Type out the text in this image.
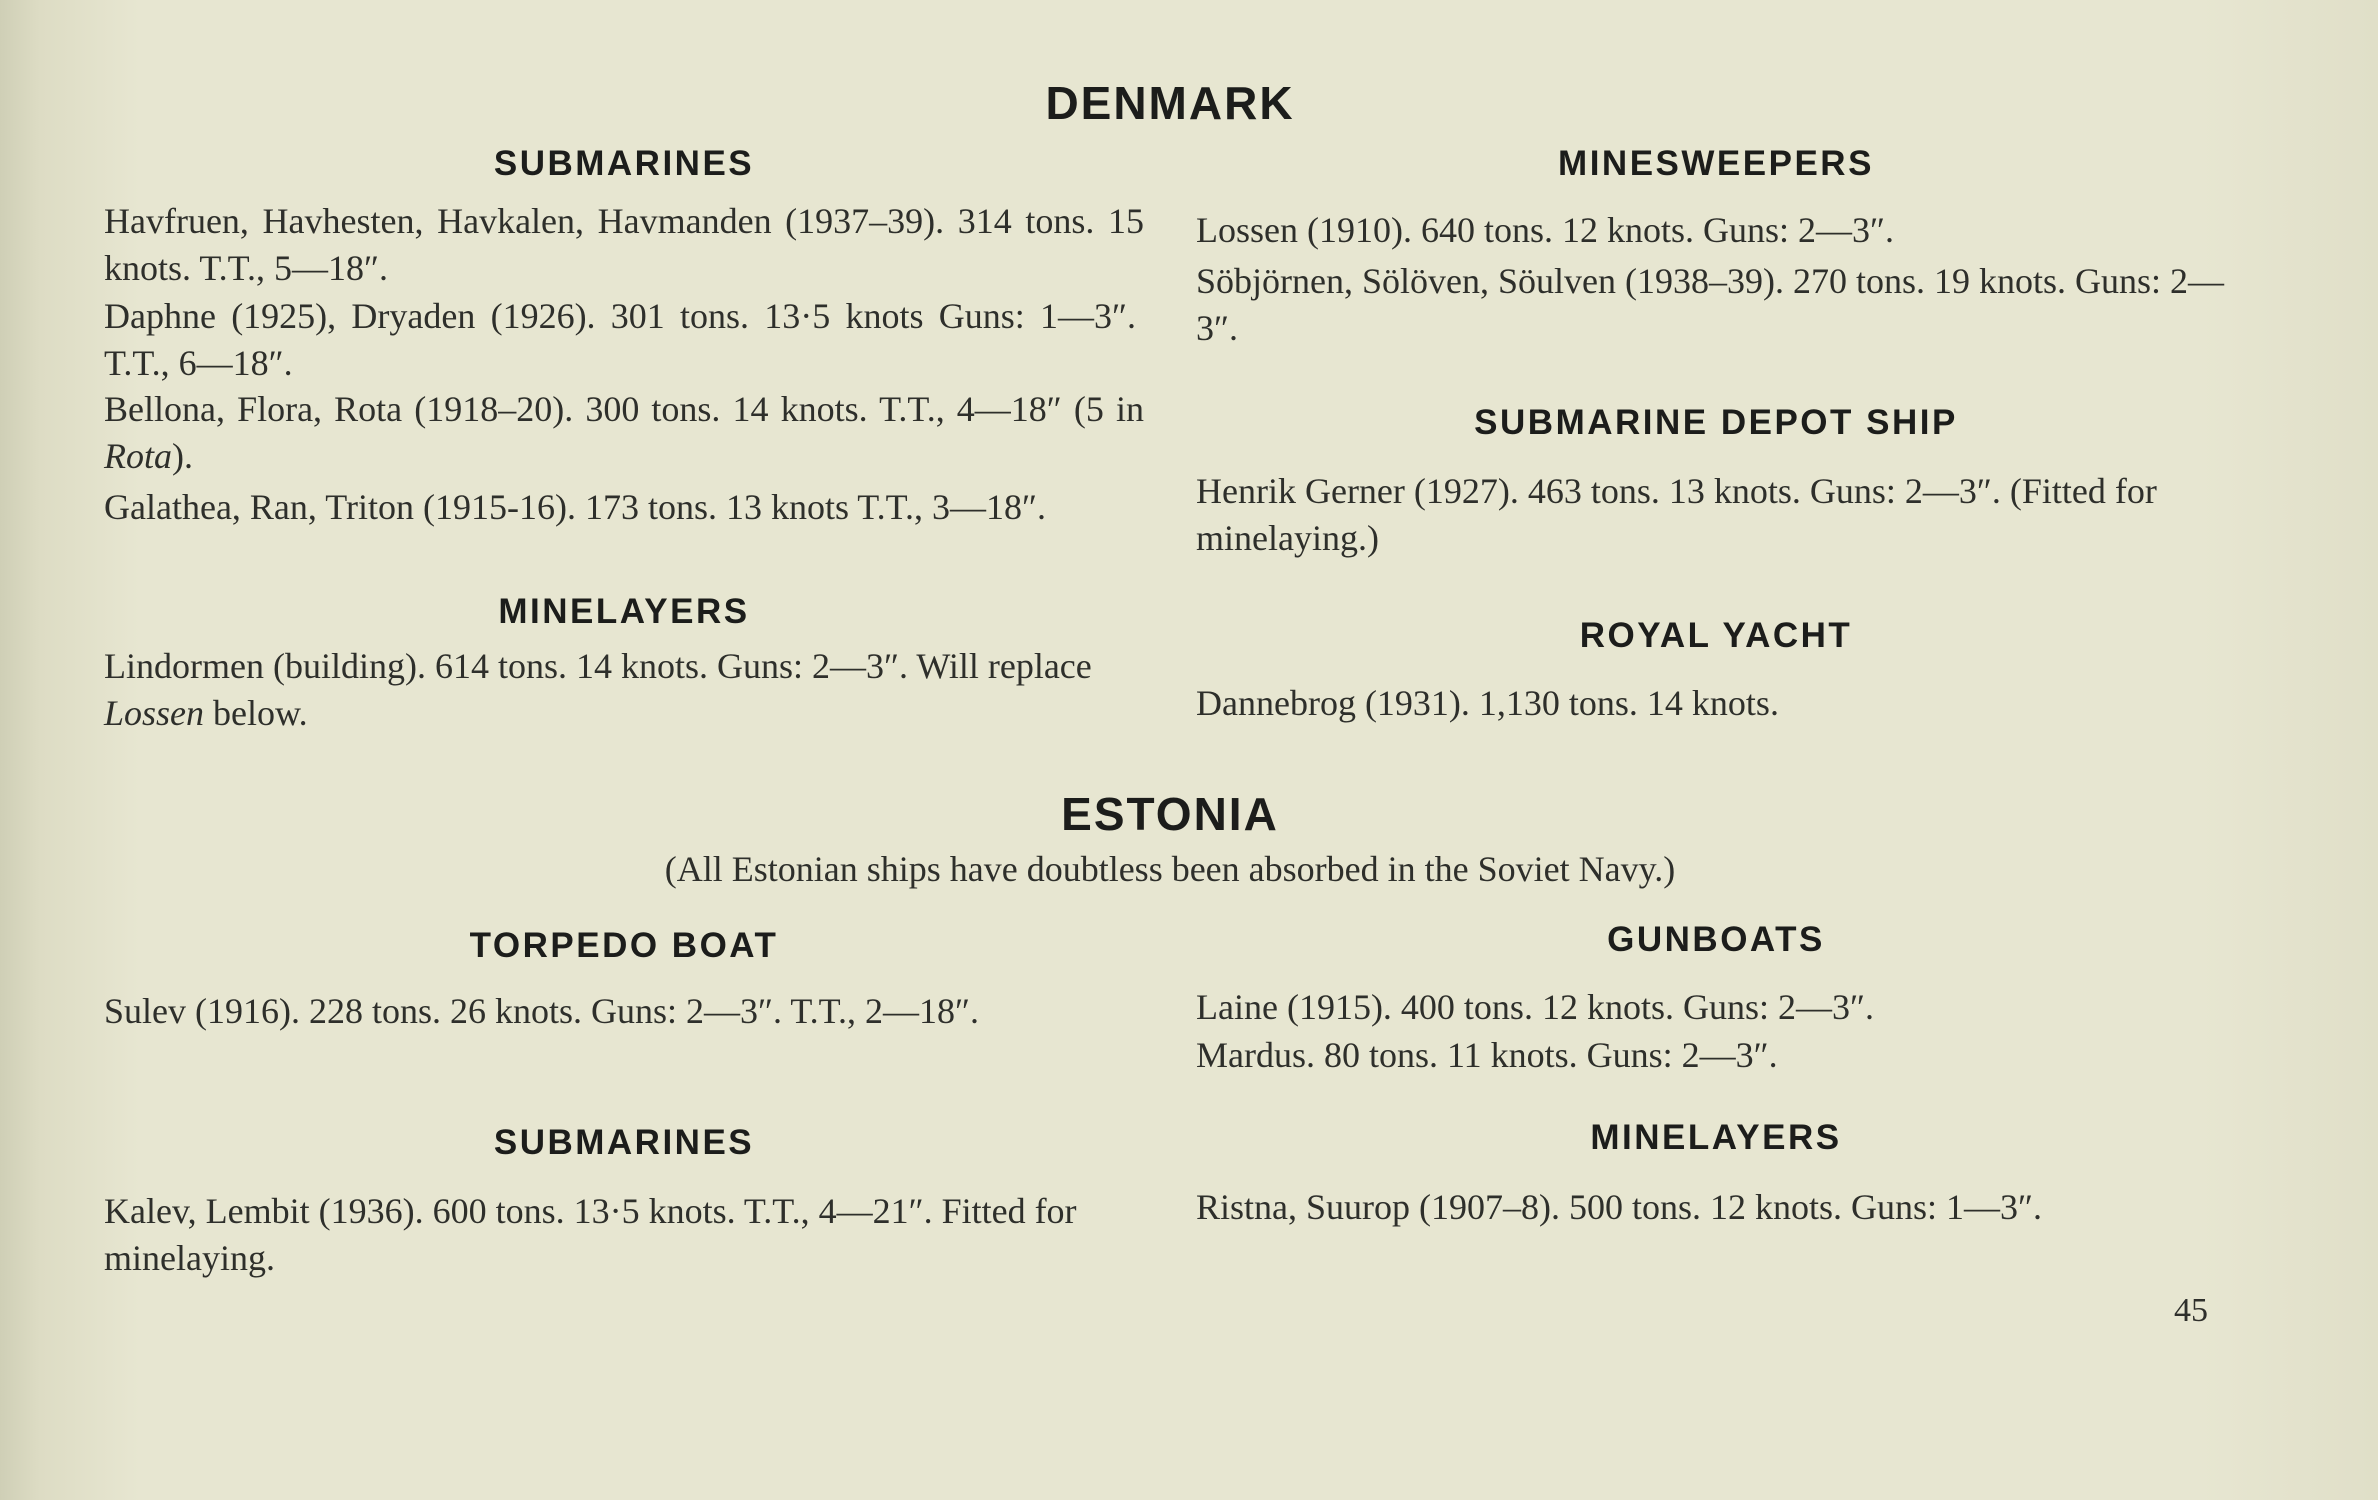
DENMARK
SUBMARINES

Havfruen, Havhesten, Havkalen, Havmanden (1937–39). 314 tons. 15 knots. T.T., 5—18″.

Daphne (1925), Dryaden (1926). 301 tons. 13·5 knots Guns: 1—3″. T.T., 6—18″.

Bellona, Flora, Rota (1918–20). 300 tons. 14 knots. T.T., 4—18″ (5 in Rota).

Galathea, Ran, Triton (1915-16). 173 tons. 13 knots T.T., 3—18″.

MINELAYERS

Lindormen (building). 614 tons. 14 knots. Guns: 2—3″. Will replace Lossen below.

MINESWEEPERS

Lossen (1910). 640 tons. 12 knots. Guns: 2—3″.

Söbjörnen, Sölöven, Söulven (1938–39). 270 tons. 19 knots. Guns: 2—3″.

SUBMARINE DEPOT SHIP

Henrik Gerner (1927). 463 tons. 13 knots. Guns: 2—3″. (Fitted for minelaying.)

ROYAL YACHT

Dannebrog (1931). 1,130 tons. 14 knots.

ESTONIA

(All Estonian ships have doubtless been absorbed in the Soviet Navy.)

TORPEDO BOAT

Sulev (1916). 228 tons. 26 knots. Guns: 2—3″. T.T., 2—18″.

GUNBOATS

Laine (1915). 400 tons. 12 knots. Guns: 2—3″.

Mardus. 80 tons. 11 knots. Guns: 2—3″.

SUBMARINES

Kalev, Lembit (1936). 600 tons. 13·5 knots. T.T., 4—21″. Fitted for minelaying.

MINELAYERS

Ristna, Suurop (1907–8). 500 tons. 12 knots. Guns: 1—3″.

45
